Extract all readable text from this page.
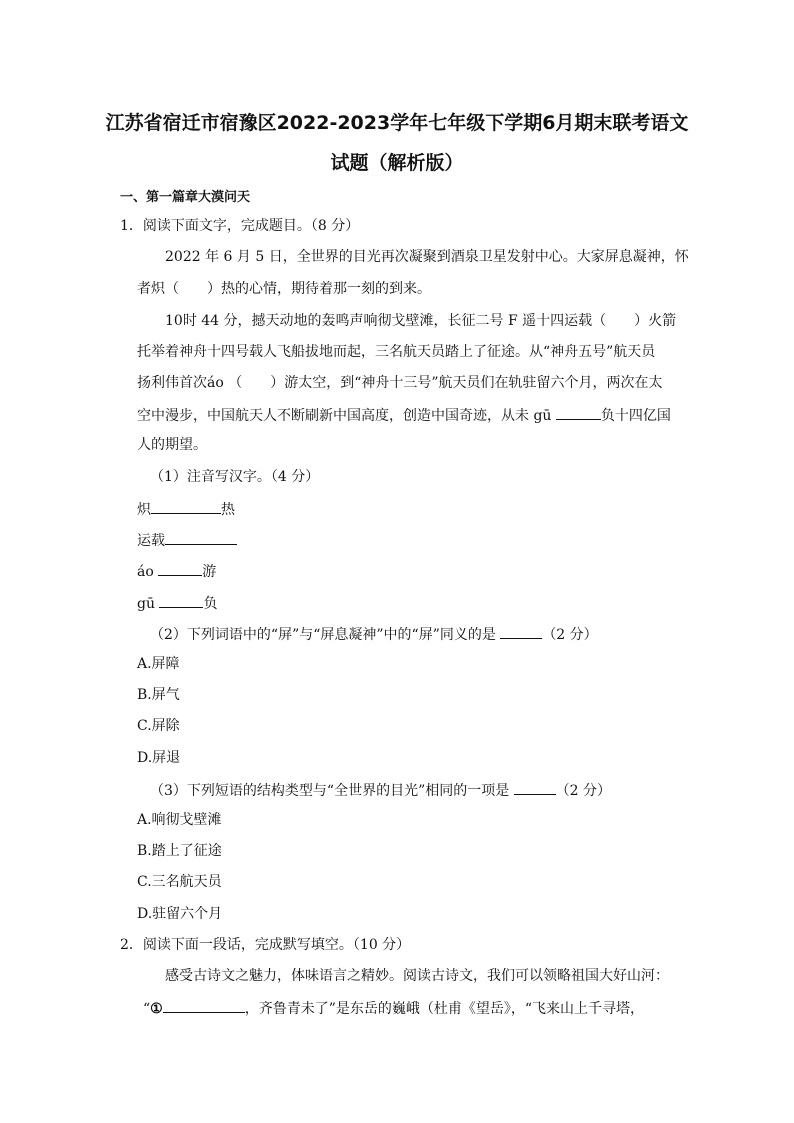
江苏省宿迁市宿豫区2022-2023学年七年级下学期6月期末联考语文
试题（解析版）
一、第一篇章大漠问天
1．阅读下面文字，完成题目。（8 分）
2022 年 6 月 5 日，全世界的目光再次凝聚到酒泉卫星发射中心。大家屏息凝神，怀
者炽（ ）热的心情，期待着那一刻的到来。
10时 44 分，撼天动地的轰鸣声响彻戈壁滩，长征二号 F 遥十四运载（ ）火箭
托举着神舟十四号载人飞船拔地而起，三名航天员踏上了征途。从“神舟五号”航天员
扬利伟首次áo （ ）游太空，到“神舟十三号”航天员们在轨驻留六个月，两次在太
空中漫步，中国航天人不断刷新中国高度，创造中国奇迹，从未 gū	负十四亿国
人的期望。
（1）注音写汉字。（4 分）
炽	热
运载
áo	游
gū	负
（2）下列词语中的“屏”与“屏息凝神”中的“屏”同义的是	（2 分）
A.屏障
B.屏气
C.屏除
D.屏退
（3）下列短语的结构类型与“全世界的目光”相同的一项是	（2 分）
A.响彻戈壁滩
B.踏上了征途
C.三名航天员
D.驻留六个月
2．阅读下面一段话，完成默写填空。（10 分）
感受古诗文之魅力，体味语言之精妙。阅读古诗文，我们可以领略祖国大好山河：
“①	，齐鲁青未了”是东岳的巍峨（杜甫《望岳》，“飞来山上千寻塔，
